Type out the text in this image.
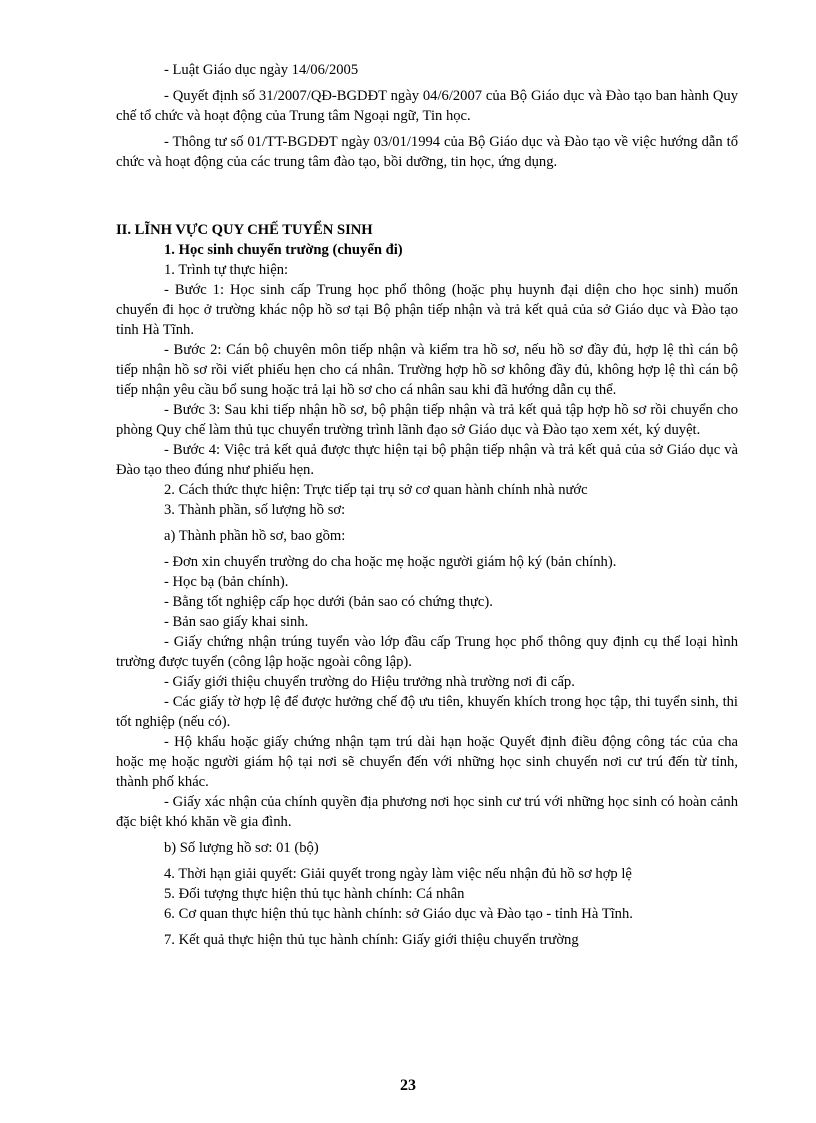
- Luật Giáo dục ngày 14/06/2005

- Quyết định số 31/2007/QĐ-BGDĐT ngày 04/6/2007 của Bộ Giáo dục và Đào tạo ban hành Quy chế tổ chức và hoạt động của Trung tâm Ngoại ngữ, Tin học.

- Thông tư số 01/TT-BGDĐT ngày 03/01/1994 của Bộ Giáo dục và Đào tạo về việc hướng dẫn tổ chức và hoạt động của các trung tâm đào tạo, bồi dưỡng, tin học, ứng dụng.

II. LĨNH VỰC QUY CHẾ TUYỂN SINH

1. Học sinh chuyển trường (chuyển đi)

1. Trình tự thực hiện:

- Bước 1: Học sinh cấp Trung học phổ thông (hoặc phụ huynh đại diện cho học sinh) muốn chuyển đi học ở trường khác nộp hồ sơ tại Bộ phận tiếp nhận và trả kết quả của sở Giáo dục và Đào tạo tỉnh Hà Tĩnh.

- Bước 2: Cán bộ chuyên môn tiếp nhận và kiểm tra hồ sơ, nếu hồ sơ đầy đủ, hợp lệ thì cán bộ tiếp nhận hồ sơ rồi viết phiếu hẹn cho cá nhân. Trường hợp hồ sơ không đầy đủ, không hợp lệ thì cán bộ tiếp nhận yêu cầu bổ sung hoặc trả lại hồ sơ cho cá nhân sau khi đã hướng dẫn cụ thể.

- Bước 3: Sau khi tiếp nhận hồ sơ, bộ phận tiếp nhận và trả kết quả tập hợp hồ sơ rồi chuyển cho phòng Quy chế làm thủ tục chuyển trường trình lãnh đạo sở Giáo dục và Đào tạo xem xét, ký duyệt.

- Bước 4: Việc trả kết quả được thực hiện tại bộ phận tiếp nhận và trả kết quả của sở Giáo dục và Đào tạo theo đúng như phiếu hẹn.

2. Cách thức thực hiện: Trực tiếp tại trụ sở cơ quan hành chính nhà nước

3. Thành phần, số lượng hồ sơ:

a) Thành phần hồ sơ, bao gồm:

- Đơn xin chuyển trường do cha hoặc mẹ hoặc người giám hộ ký (bản chính).

- Học bạ (bản chính).

- Bằng tốt nghiệp cấp học dưới (bản sao có chứng thực).

- Bản sao giấy khai sinh.

- Giấy chứng nhận trúng tuyển vào lớp đầu cấp Trung học phổ thông quy định cụ thể loại hình trường được tuyển (công lập hoặc ngoài công lập).

- Giấy giới thiệu chuyển trường do Hiệu trưởng nhà trường nơi đi cấp.

- Các giấy tờ hợp lệ để được hưởng chế độ ưu tiên, khuyến khích trong học tập, thi tuyển sinh, thi tốt nghiệp (nếu có).

- Hộ khẩu hoặc giấy chứng nhận tạm trú dài hạn hoặc Quyết định điều động công tác của cha hoặc mẹ hoặc người giám hộ tại nơi sẽ chuyển đến với những học sinh chuyển nơi cư trú đến từ tỉnh, thành phố khác.

- Giấy xác nhận của chính quyền địa phương nơi học sinh cư trú với những học sinh có hoàn cảnh đặc biệt khó khăn về gia đình.

b) Số lượng hồ sơ: 01 (bộ)

4. Thời hạn giải quyết: Giải quyết trong ngày làm việc nếu nhận đủ hồ sơ hợp lệ

5. Đối tượng thực hiện thủ tục hành chính: Cá nhân

6. Cơ quan thực hiện thủ tục hành chính: sở Giáo dục và Đào tạo - tỉnh Hà Tĩnh.

7. Kết quả thực hiện thủ tục hành chính: Giấy giới thiệu chuyển trường

23
